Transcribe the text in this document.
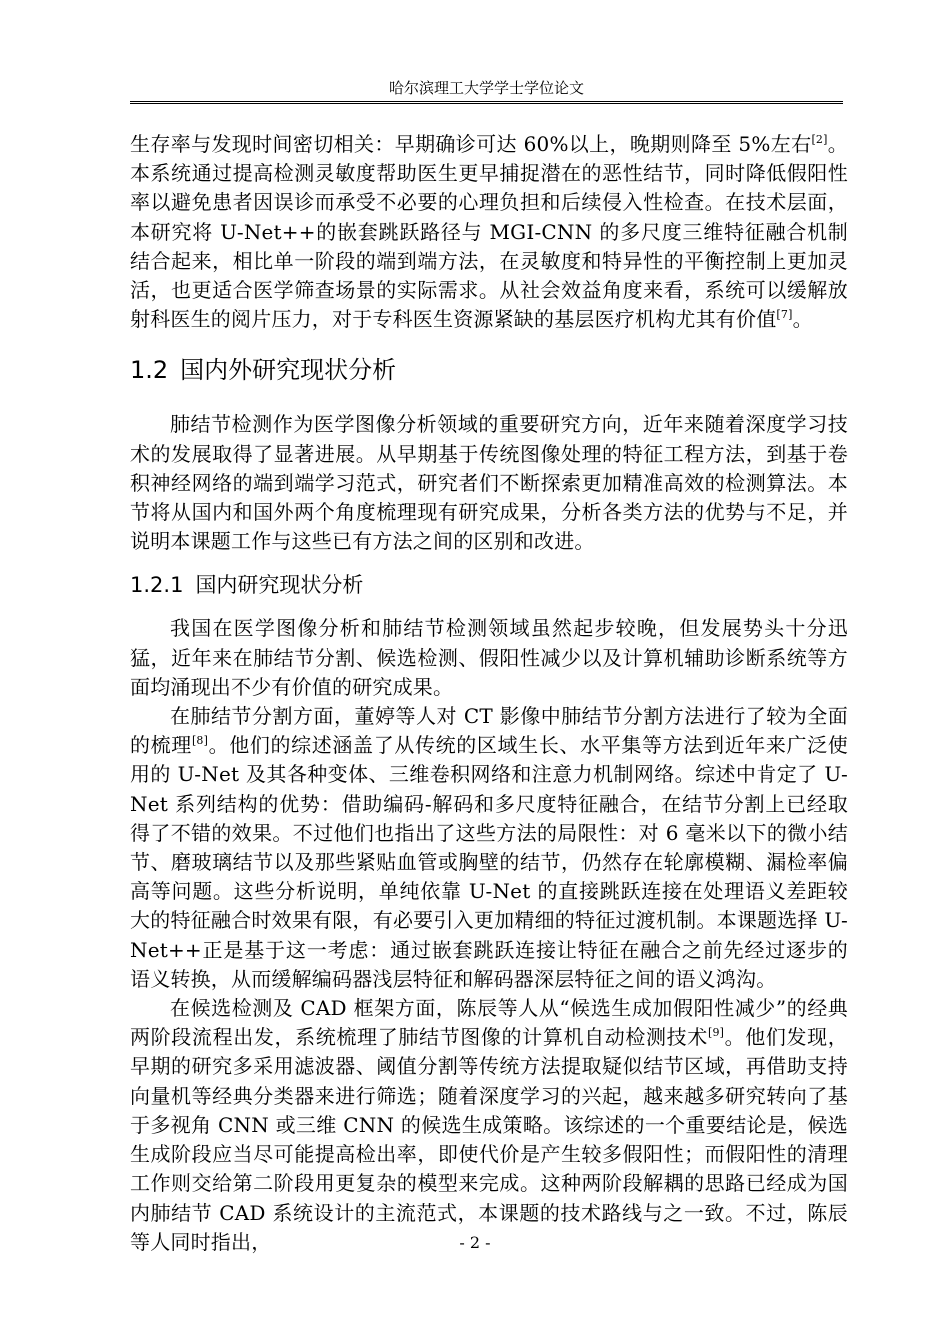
哈尔滨理工大学学士学位论文

生存率与发现时间密切相关：早期确诊可达 60%以上，晚期则降至 5%左右[2]。本系统通过提高检测灵敏度帮助医生更早捕捉潜在的恶性结节，同时降低假阳性率以避免患者因误诊而承受不必要的心理负担和后续侵入性检查。在技术层面，本研究将 U-Net++的嵌套跳跃路径与 MGI-CNN 的多尺度三维特征融合机制结合起来，相比单一阶段的端到端方法，在灵敏度和特异性的平衡控制上更加灵活，也更适合医学筛查场景的实际需求。从社会效益角度来看，系统可以缓解放射科医生的阅片压力，对于专科医生资源紧缺的基层医疗机构尤其有价值[7]。

1.2 国内外研究现状分析

肺结节检测作为医学图像分析领域的重要研究方向，近年来随着深度学习技术的发展取得了显著进展。从早期基于传统图像处理的特征工程方法，到基于卷积神经网络的端到端学习范式，研究者们不断探索更加精准高效的检测算法。本节将从国内和国外两个角度梳理现有研究成果，分析各类方法的优势与不足，并说明本课题工作与这些已有方法之间的区别和改进。

1.2.1 国内研究现状分析

我国在医学图像分析和肺结节检测领域虽然起步较晚，但发展势头十分迅猛，近年来在肺结节分割、候选检测、假阳性减少以及计算机辅助诊断系统等方面均涌现出不少有价值的研究成果。

在肺结节分割方面，董婷等人对 CT 影像中肺结节分割方法进行了较为全面的梳理[8]。他们的综述涵盖了从传统的区域生长、水平集等方法到近年来广泛使用的 U-Net 及其各种变体、三维卷积网络和注意力机制网络。综述中肯定了 U-Net 系列结构的优势：借助编码-解码和多尺度特征融合，在结节分割上已经取得了不错的效果。不过他们也指出了这些方法的局限性：对 6 毫米以下的微小结节、磨玻璃结节以及那些紧贴血管或胸壁的结节，仍然存在轮廓模糊、漏检率偏高等问题。这些分析说明，单纯依靠 U-Net 的直接跳跃连接在处理语义差距较大的特征融合时效果有限，有必要引入更加精细的特征过渡机制。本课题选择 U-Net++正是基于这一考虑：通过嵌套跳跃连接让特征在融合之前先经过逐步的语义转换，从而缓解编码器浅层特征和解码器深层特征之间的语义鸿沟。

在候选检测及 CAD 框架方面，陈辰等人从“候选生成加假阳性减少”的经典两阶段流程出发，系统梳理了肺结节图像的计算机自动检测技术[9]。他们发现，早期的研究多采用滤波器、阈值分割等传统方法提取疑似结节区域，再借助支持向量机等经典分类器来进行筛选；随着深度学习的兴起，越来越多研究转向了基于多视角 CNN 或三维 CNN 的候选生成策略。该综述的一个重要结论是，候选生成阶段应当尽可能提高检出率，即使代价是产生较多假阳性；而假阳性的清理工作则交给第二阶段用更复杂的模型来完成。这种两阶段解耦的思路已经成为国内肺结节 CAD 系统设计的主流范式，本课题的技术路线与之一致。不过，陈辰等人同时指出，	- 2 -
